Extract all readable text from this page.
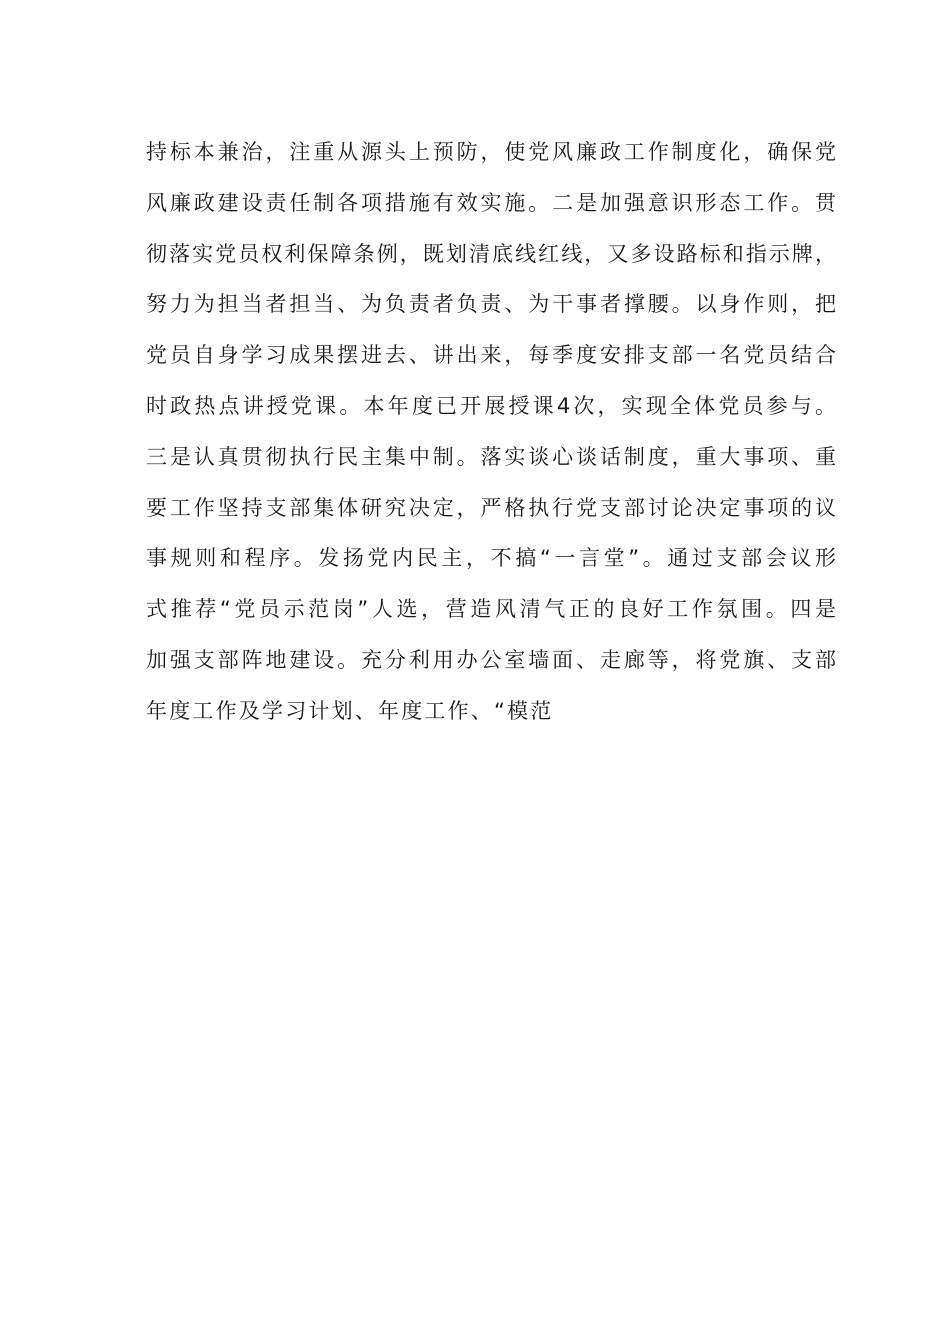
持标本兼治，注重从源头上预防，使党风廉政工作制度化，确保党
风廉政建设责任制各项措施有效实施。二是加强意识形态工作。贯
彻落实党员权利保障条例，既划清底线红线，又多设路标和指示牌，
努力为担当者担当、为负责者负责、为干事者撑腰。以身作则，把
党员自身学习成果摆进去、讲出来，每季度安排支部一名党员结合
时政热点讲授党课。本年度已开展授课4次，实现全体党员参与。
三是认真贯彻执行民主集中制。落实谈心谈话制度，重大事项、重
要工作坚持支部集体研究决定，严格执行党支部讨论决定事项的议
事规则和程序。发扬党内民主，不搞“一言堂”。通过支部会议形
式推荐“党员示范岗”人选，营造风清气正的良好工作氛围。四是
加强支部阵地建设。充分利用办公室墙面、走廊等，将党旗、支部
年度工作及学习计划、年度工作、“模范
